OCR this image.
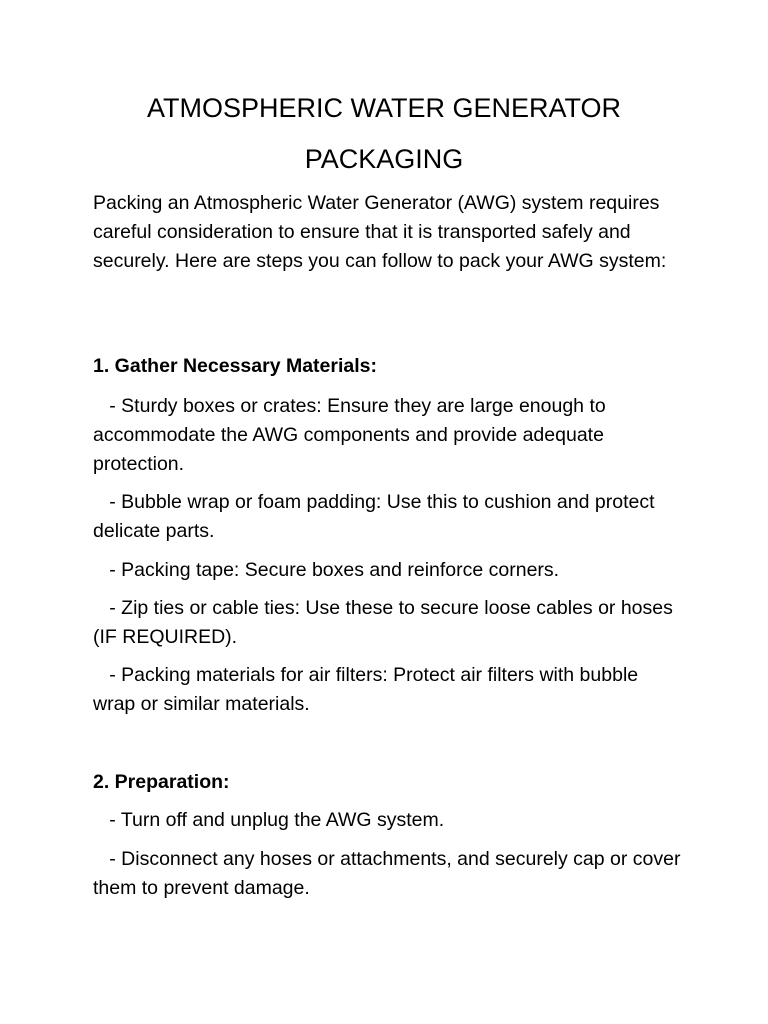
ATMOSPHERIC WATER GENERATOR
PACKAGING

Packing an Atmospheric Water Generator (AWG) system requires careful consideration to ensure that it is transported safely and securely. Here are steps you can follow to pack your AWG system:

1. Gather Necessary Materials:

- Sturdy boxes or crates: Ensure they are large enough to accommodate the AWG components and provide adequate protection.

- Bubble wrap or foam padding: Use this to cushion and protect delicate parts.

- Packing tape: Secure boxes and reinforce corners.

- Zip ties or cable ties: Use these to secure loose cables or hoses (IF REQUIRED).

- Packing materials for air filters: Protect air filters with bubble wrap or similar materials.

2. Preparation:

- Turn off and unplug the AWG system.

- Disconnect any hoses or attachments, and securely cap or cover them to prevent damage.
